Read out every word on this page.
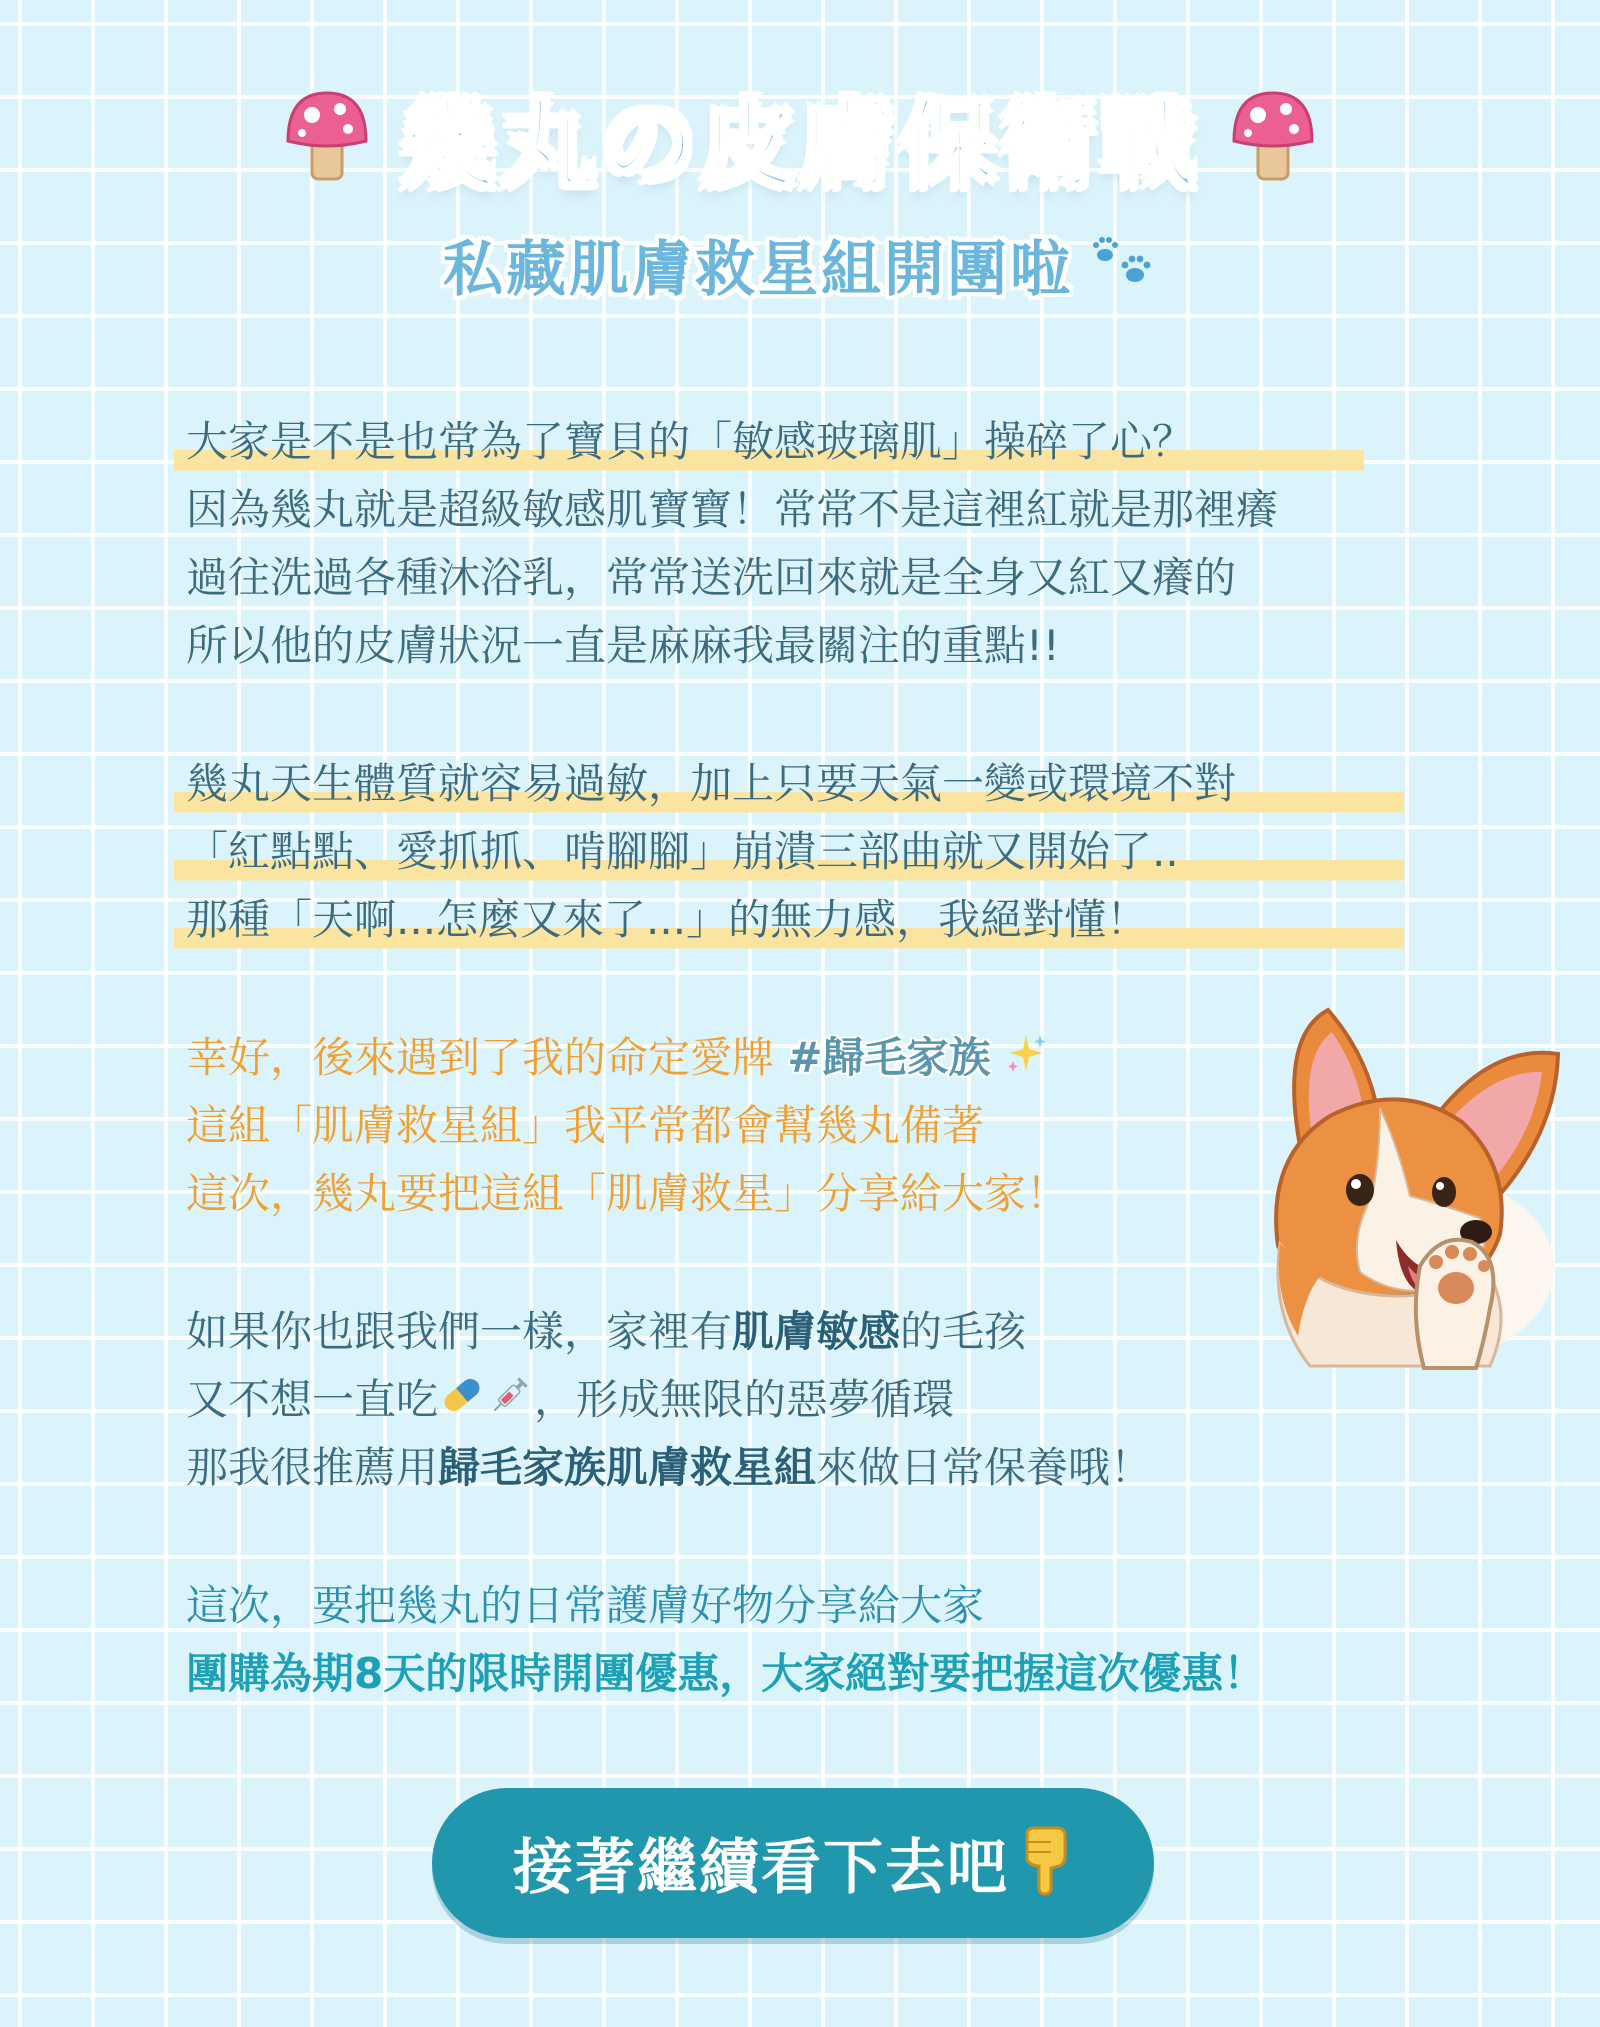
幾丸の皮膚保衛戰
私藏肌膚救星組開團啦
大家是不是也常為了寶貝的「敏感玻璃肌」操碎了心？
因為幾丸就是超級敏感肌寶寶！常常不是這裡紅就是那裡癢
過往洗過各種沐浴乳，常常送洗回來就是全身又紅又癢的
所以他的皮膚狀況一直是麻麻我最關注的重點!!
幾丸天生體質就容易過敏，加上只要天氣一變或環境不對
「紅點點、愛抓抓、啃腳腳」崩潰三部曲就又開始了..
那種「天啊...怎麼又來了...」的無力感，我絕對懂！
幸好，後來遇到了我的命定愛牌 #歸毛家族
這組「肌膚救星組」我平常都會幫幾丸備著
這次，幾丸要把這組「肌膚救星」分享給大家！
如果你也跟我們一樣，家裡有肌膚敏感的毛孩
又不想一直吃 ，形成無限的惡夢循環
那我很推薦用歸毛家族肌膚救星組來做日常保養哦！
這次，要把幾丸的日常護膚好物分享給大家
團購為期8天的限時開團優惠，大家絕對要把握這次優惠！
接著繼續看下去吧
